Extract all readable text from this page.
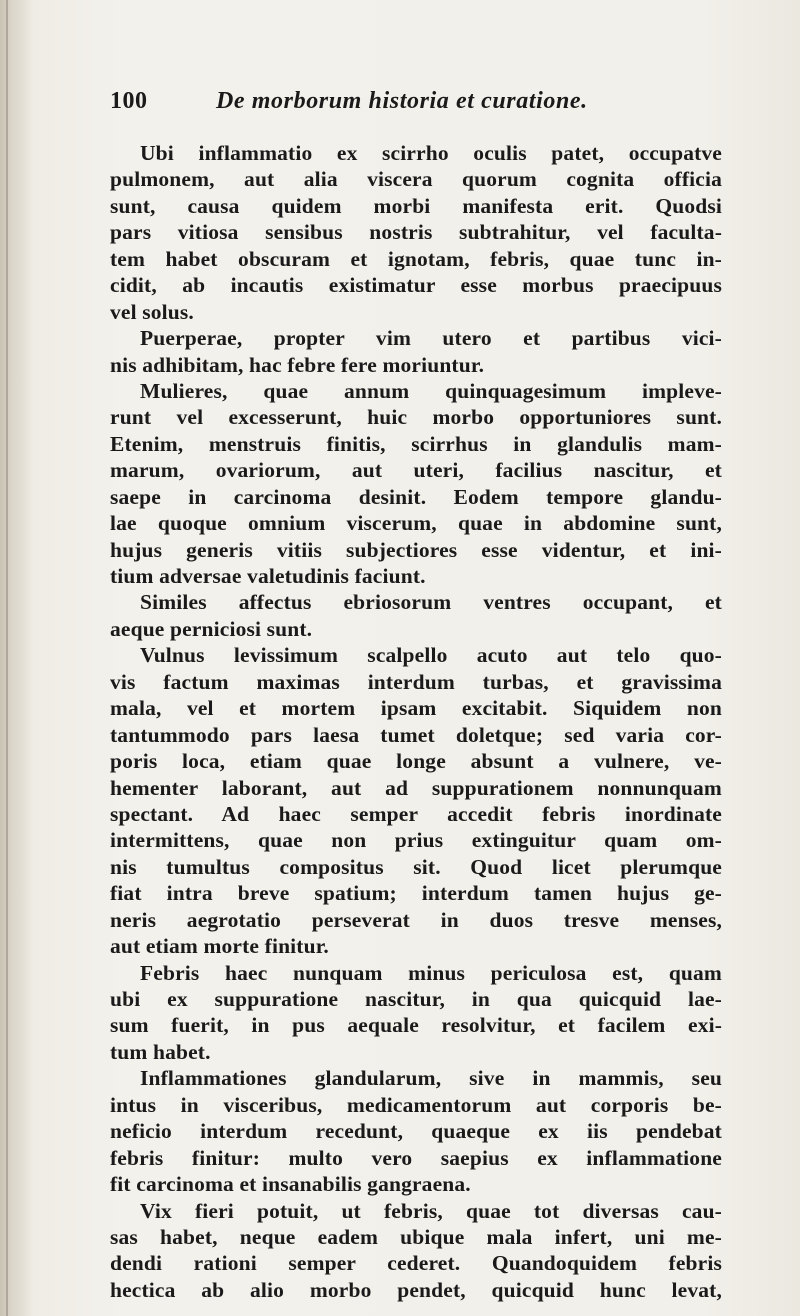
100	De morborum historia et curatione.
Ubi inflammatio ex scirrho oculis patet, occupatve
pulmonem, aut alia viscera quorum cognita officia
sunt, causa quidem morbi manifesta erit. Quodsi
pars vitiosa sensibus nostris subtrahitur, vel faculta-
tem habet obscuram et ignotam, febris, quae tunc in-
cidit, ab incautis existimatur esse morbus praecipuus
vel solus.
Puerperae, propter vim utero et partibus vici-
nis adhibitam, hac febre fere moriuntur.
Mulieres, quae annum quinquagesimum impleve-
runt vel excesserunt, huic morbo opportuniores sunt.
Etenim, menstruis finitis, scirrhus in glandulis mam-
marum, ovariorum, aut uteri, facilius nascitur, et
saepe in carcinoma desinit. Eodem tempore glandu-
lae quoque omnium viscerum, quae in abdomine sunt,
hujus generis vitiis subjectiores esse videntur, et ini-
tium adversae valetudinis faciunt.
Similes affectus ebriosorum ventres occupant, et
aeque perniciosi sunt.
Vulnus levissimum scalpello acuto aut telo quo-
vis factum maximas interdum turbas, et gravissima
mala, vel et mortem ipsam excitabit. Siquidem non
tantummodo pars laesa tumet doletque; sed varia cor-
poris loca, etiam quae longe absunt a vulnere, ve-
hementer laborant, aut ad suppurationem nonnunquam
spectant. Ad haec semper accedit febris inordinate
intermittens, quae non prius extinguitur quam om-
nis tumultus compositus sit. Quod licet plerumque
fiat intra breve spatium; interdum tamen hujus ge-
neris aegrotatio perseverat in duos tresve menses,
aut etiam morte finitur.
Febris haec nunquam minus periculosa est, quam
ubi ex suppuratione nascitur, in qua quicquid lae-
sum fuerit, in pus aequale resolvitur, et facilem exi-
tum habet.
Inflammationes glandularum, sive in mammis, seu
intus in visceribus, medicamentorum aut corporis be-
neficio interdum recedunt, quaeque ex iis pendebat
febris finitur: multo vero saepius ex inflammatione
fit carcinoma et insanabilis gangraena.
Vix fieri potuit, ut febris, quae tot diversas cau-
sas habet, neque eadem ubique mala infert, uni me-
dendi rationi semper cederet. Quandoquidem febris
hectica ab alio morbo pendet, quicquid hunc levat,
